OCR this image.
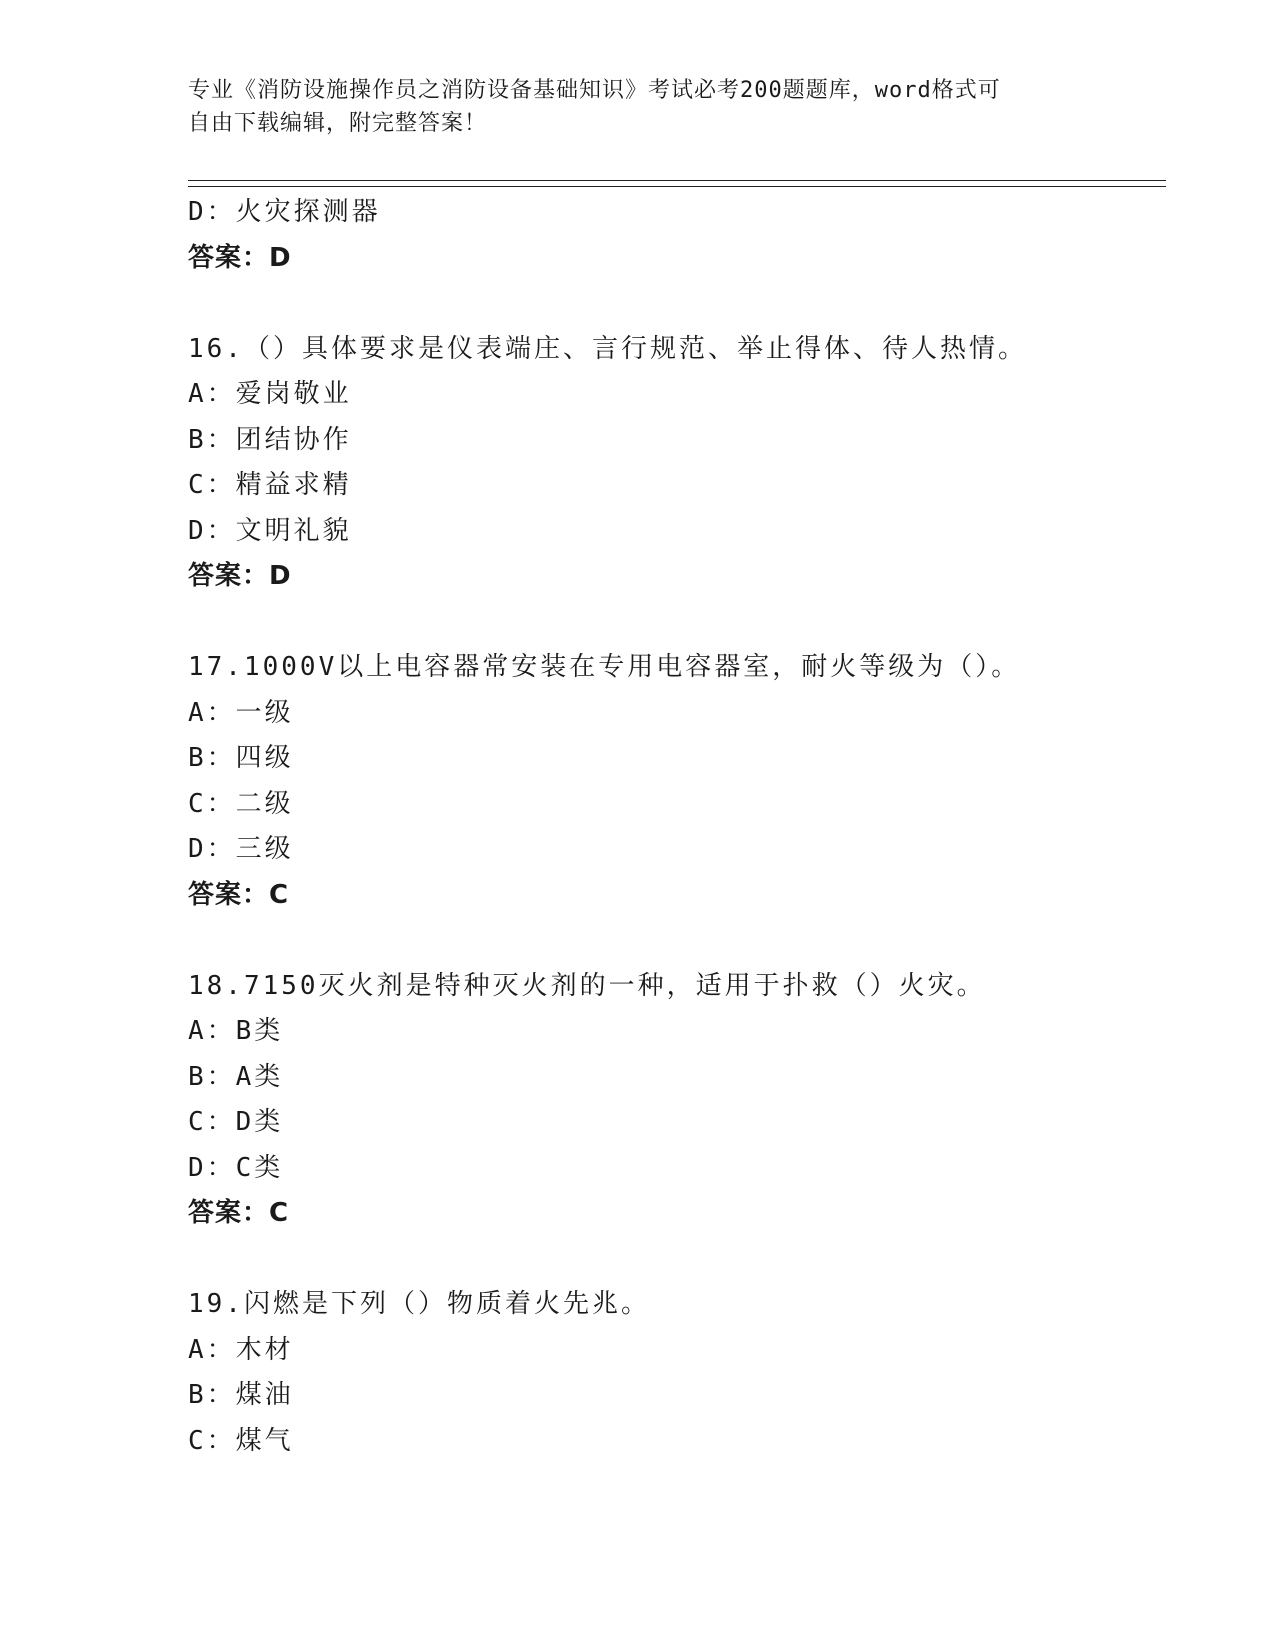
专业《消防设施操作员之消防设备基础知识》考试必考200题题库，word格式可
自由下载编辑，附完整答案！
D：火灾探测器
答案：D
16.（）具体要求是仪表端庄、言行规范、举止得体、待人热情。
A：爱岗敬业
B：团结协作
C：精益求精
D：文明礼貌
答案：D
17.1000V以上电容器常安装在专用电容器室，耐火等级为（）。
A：一级
B：四级
C：二级
D：三级
答案：C
18.7150灭火剂是特种灭火剂的一种，适用于扑救（）火灾。
A：B类
B：A类
C：D类
D：C类
答案：C
19.闪燃是下列（）物质着火先兆。
A：木材
B：煤油
C：煤气
